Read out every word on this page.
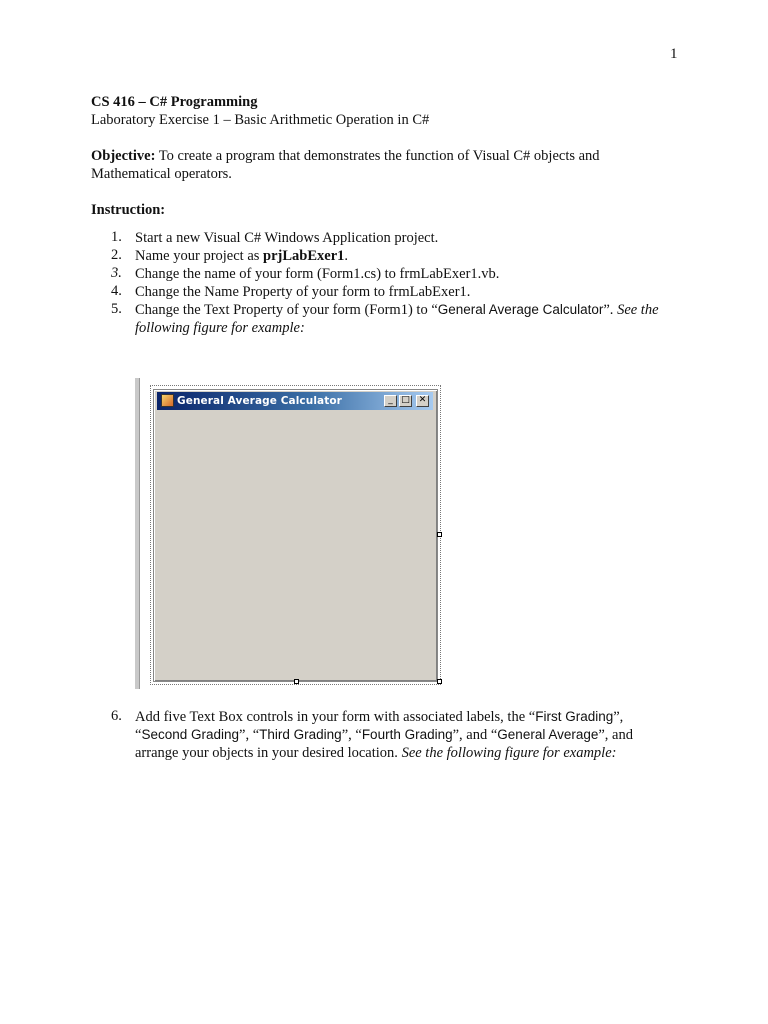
1
CS 416 – C# Programming
Laboratory Exercise 1 – Basic Arithmetic Operation in C#
Objective: To create a program that demonstrates the function of Visual C# objects and
Mathematical operators.
Instruction:
1. Start a new Visual C# Windows Application project.
2. Name your project as prjLabExer1.
3. Change the name of your form (Form1.cs) to frmLabExer1.vb.
4. Change the Name Property of your form to frmLabExer1.
5. Change the Text Property of your form (Form1) to “General Average Calculator”. See the
following figure for example:
General Average Calculator	_ □ ✕
6. Add five Text Box controls in your form with associated labels, the “First Grading”,
“Second Grading”, “Third Grading”, “Fourth Grading”, and “General Average”, and
arrange your objects in your desired location. See the following figure for example:
